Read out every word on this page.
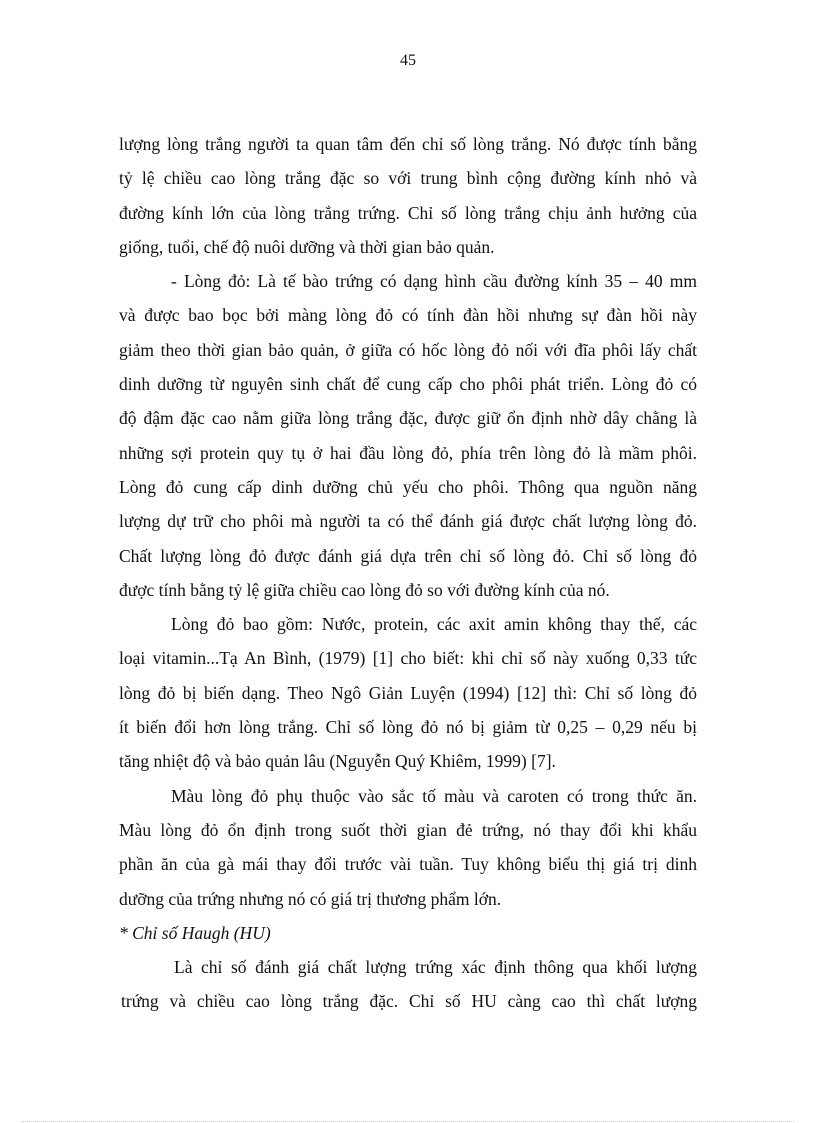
45
lượng lòng trắng người ta quan tâm đến chỉ số lòng trắng. Nó được tính bằng
tỷ lệ chiều cao lòng trắng đặc so với trung bình cộng đường kính nhỏ và
đường kính lớn của lòng trắng trứng. Chỉ số lòng trắng chịu ảnh hưởng của
giống, tuổi, chế độ nuôi dưỡng và thời gian bảo quản.
- Lòng đỏ: Là tế bào trứng có dạng hình cầu đường kính 35 – 40 mm
và được bao bọc bởi màng lòng đỏ có tính đàn hồi nhưng sự đàn hồi này
giảm theo thời gian bảo quản, ở giữa có hốc lòng đỏ nối với đĩa phôi lấy chất
dinh dưỡng từ nguyên sinh chất để cung cấp cho phôi phát triển. Lòng đỏ có
độ đậm đặc cao nằm giữa lòng trắng đặc, được giữ ổn định nhờ dây chằng là
những sợi protein quy tụ ở hai đầu lòng đỏ, phía trên lòng đỏ là mầm phôi.
Lòng đỏ cung cấp dinh dưỡng chủ yếu cho phôi. Thông qua nguồn năng
lượng dự trữ cho phôi mà người ta có thể đánh giá được chất lượng lòng đỏ.
Chất lượng lòng đỏ được đánh giá dựa trên chỉ số lòng đỏ. Chỉ số lòng đỏ
được tính bằng tỷ lệ giữa chiều cao lòng đỏ so với đường kính của nó.
Lòng đỏ bao gồm: Nước, protein, các axit amin không thay thế, các
loại vitamin...Tạ An Bình, (1979) [1] cho biết: khi chỉ số này xuống 0,33 tức
lòng đỏ bị biến dạng. Theo Ngô Giản Luyện (1994) [12] thì: Chỉ số lòng đỏ
ít biến đổi hơn lòng trắng. Chỉ số lòng đỏ nó bị giảm từ 0,25 – 0,29 nếu bị
tăng nhiệt độ và bảo quản lâu (Nguyễn Quý Khiêm, 1999) [7].
Màu lòng đỏ phụ thuộc vào sắc tố màu và caroten có trong thức ăn.
Màu lòng đỏ ổn định trong suốt thời gian đẻ trứng, nó thay đổi khi khẩu
phần ăn của gà mái thay đổi trước vài tuần. Tuy không biểu thị giá trị dinh
dưỡng của trứng nhưng nó có giá trị thương phẩm lớn.
* Chỉ số Haugh (HU)
Là chỉ số đánh giá chất lượng trứng xác định thông qua khối lượng
trứng và chiều cao lòng trắng đặc. Chỉ số HU càng cao thì chất lượng
